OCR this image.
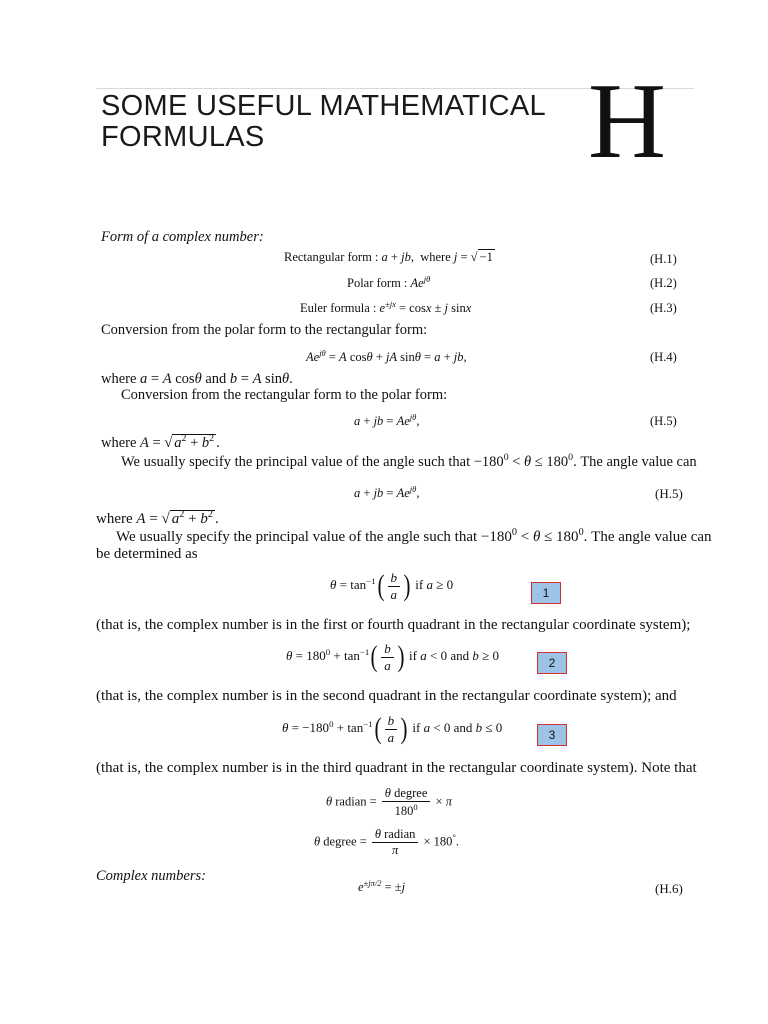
SOME USEFUL MATHEMATICAL
FORMULAS	H
Form of a complex number:
Rectangular form : a + jb,  where j = √ −1	(H.1)
Polar form : $Ae^{j\theta}$	(H.2)
Euler formula : $e^{\pm jx} = \cos x \pm j$ sinx	(H.3)
Conversion from the polar form to the rectangular form:
$Ae^{j\theta} = A$ cosθ + jA sinθ = a + jb,	(H.4)
where a = A cosθ and b = A sinθ.
Conversion from the rectangular form to the polar form:
a + jb = $Ae^{j\theta}$,	(H.5)
where A = √ $a^2 + b^2$ .
We usually specify the principal value of the angle such that $-180^0 < \theta \le 180^0$. The angle value can
a + jb = $Ae^{j\theta}$,	(H.5)
where A = √ $a^2 + b^2$ .
We usually specify the principal value of the angle such that $-180^0 < \theta \le 180^0$. The angle value can
be determined as
$\theta = \tan^{-1}$ ( $\frac{b}{a}$ ) if a ≥ 0
1
(that is, the complex number is in the first or fourth quadrant in the rectangular coordinate system);
$\theta = 180^0 + \tan^{-1}$ ( $\frac{b}{a}$ ) if a < 0 and b ≥ 0	2
(that is, the complex number is in the second quadrant in the rectangular coordinate system); and
$\theta = -180^0 + \tan^{-1}$ ( $\frac{b}{a}$ ) if a < 0 and b ≤ 0	3
(that is, the complex number is in the third quadrant in the rectangular coordinate system). Note that
θ radian = $\frac{\text{θ degree}}{180^0} \times \pi$
θ degree = $\frac{\text{θ radian}}{\pi} \times 180^\circ$.
Complex numbers:
$e^{\pm j\pi/2} = \pm j$	(H.6)
